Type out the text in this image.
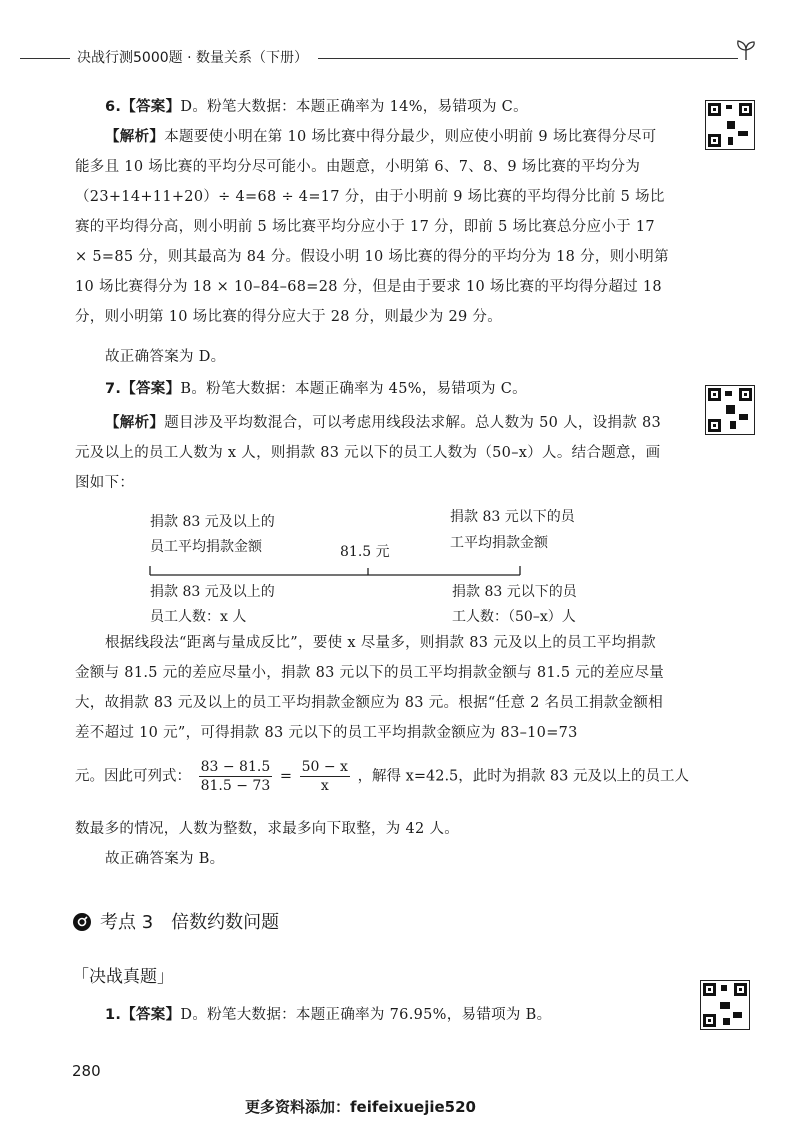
决战行测5000题 · 数量关系（下册）
6.【答案】D。粉笔大数据：本题正确率为 14%，易错项为 C。
【解析】本题要使小明在第 10 场比赛中得分最少，则应使小明前 9 场比赛得分尽可能多且 10 场比赛的平均分尽可能小。由题意，小明第 6、7、8、9 场比赛的平均分为（23+14+11+20）÷ 4=68 ÷ 4=17 分，由于小明前 9 场比赛的平均得分比前 5 场比赛的平均得分高，则小明前 5 场比赛平均分应小于 17 分，即前 5 场比赛总分应小于 17 × 5=85 分，则其最高为 84 分。假设小明 10 场比赛的得分的平均分为 18 分，则小明第 10 场比赛得分为 18 × 10–84–68=28 分，但是由于要求 10 场比赛的平均得分超过 18 分，则小明第 10 场比赛的得分应大于 28 分，则最少为 29 分。
故正确答案为 D。
7.【答案】B。粉笔大数据：本题正确率为 45%，易错项为 C。
【解析】题目涉及平均数混合，可以考虑用线段法求解。总人数为 50 人，设捐款 83 元及以上的员工人数为 x 人，则捐款 83 元以下的员工人数为（50–x）人。结合题意，画图如下：
捐款 83 元及以上的
员工平均捐款金额
捐款 83 元以下的员
工平均捐款金额
81.5 元
捐款 83 元及以上的
员工人数：x 人
捐款 83 元以下的员
工人数：（50–x）人
根据线段法“距离与量成反比”，要使 x 尽量多，则捐款 83 元及以上的员工平均捐款金额与 81.5 元的差应尽量小，捐款 83 元以下的员工平均捐款金额与 81.5 元的差应尽量大，故捐款 83 元及以上的员工平均捐款金额应为 83 元。根据“任意 2 名员工捐款金额相差不超过 10 元”，可得捐款 83 元以下的员工平均捐款金额应为 83–10=73
元。因此可列式： $\frac{83 - 81.5}{81.5 - 73} = \frac{50 - x}{x}$ ，解得 x=42.5，此时为捐款 83 元及以上的员工人
数最多的情况，人数为整数，求最多向下取整，为 42 人。
故正确答案为 B。
考点 3　倍数约数问题
「决战真题」
1.【答案】D。粉笔大数据：本题正确率为 76.95%，易错项为 B。
280
更多资料添加：feifeixuejie520
